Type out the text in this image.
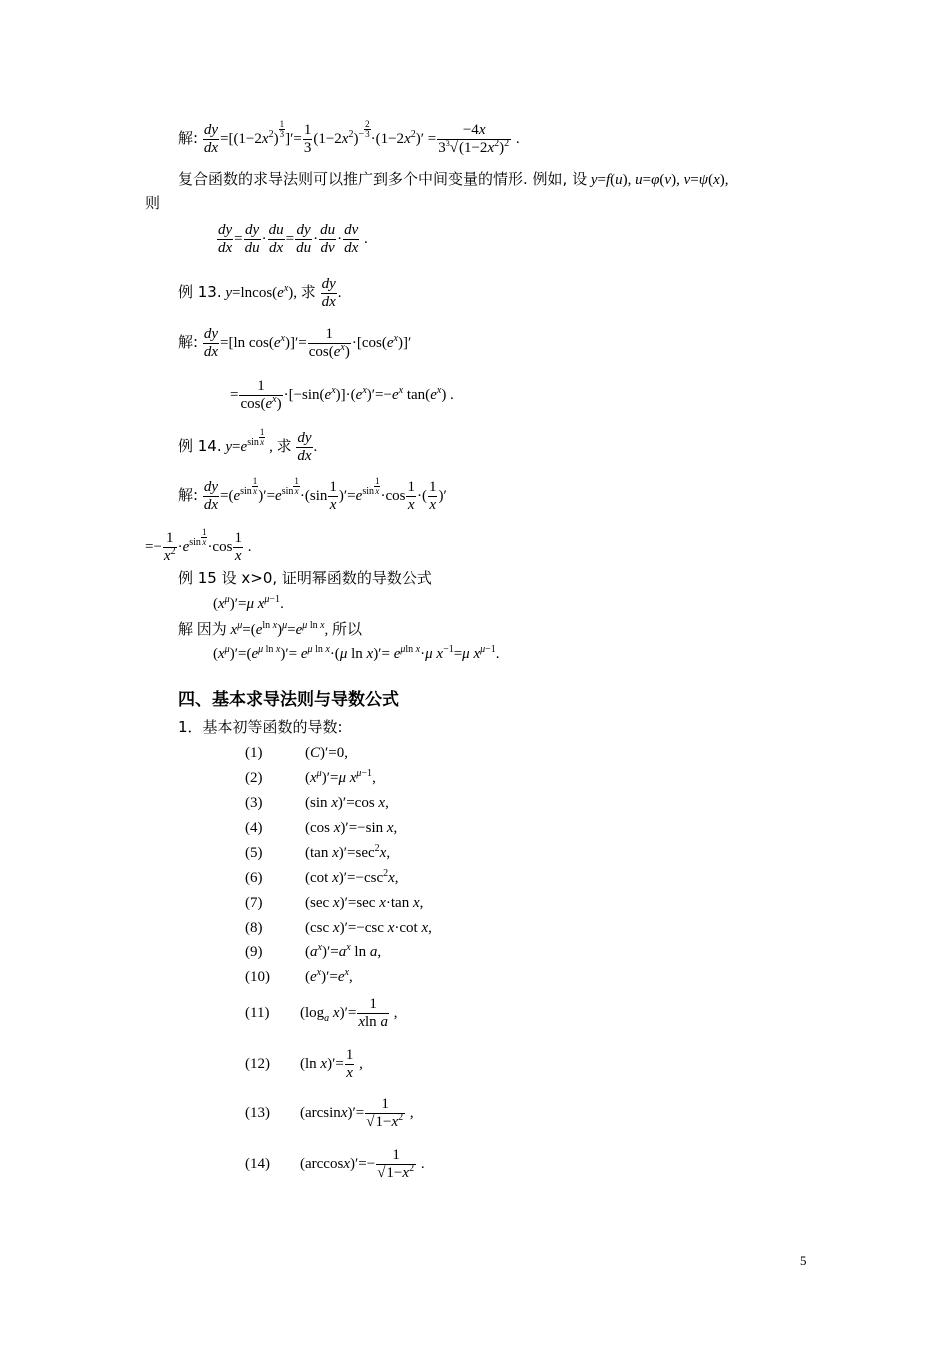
解: $\frac{dy}{dx} =[(1-2x^2)$ $^{\frac{1}{3}}$ ]′= $\frac{1}{3} (1-2x^2)^{- \frac{2}{3}} \cdot(1-2x^2)' = \frac{-4x}{3^3√(1-2x^2)^2}$ .
复合函数的求导法则可以推广到多个中间变量的情形. 例如, 设 y=f(u), u=φ(v), v=ψ(x),
则
$\frac{dy}{dx} = \frac{dy}{du} \cdot \frac{du}{dx} = \frac{dy}{du} \cdot \frac{du}{dv} \cdot \frac{dv}{dx}$ .
例 13. $y=lncos(e^x)$, 求 $\frac{dy}{dx}$ .
解: $\frac{dy}{dx} =[\ln$ $\cos(e^x)]'= \frac{1}{\cos(e^x)} \cdot[\cos(e^x)]'$
= $\frac{1}{\cos(e^x)} \cdot[-\sin(e^x)]\cdot(e^x)'=-e^x$ $\tan(e^x)$ .
例 14. $y=e^{sin \frac{1}{x}}$ , 求 $\frac{dy}{dx}$ .
解: $\frac{dy}{dx} =(e^{sin \frac{1}{x}}$ )$'=e^{sin \frac{1}{x}} \cdot(\sin \frac{1}{x} )'=e^{sin \frac{1}{x}} \cdot\cos \frac{1}{x}$ ·( $\frac{1}{x}$ )′
=− $\frac{1}{x^2} \cdot e^{sin \frac{1}{x}} \cdot\cos \frac{1}{x}$ .
例 15 设 x>0, 证明幂函数的导数公式
$(x^\mu)'=\mu$ $x^{\mu-1}$.
解 因为 $x^\mu=(e^{ln x})^\mu=e^{\mu ln x}$, 所以
$(x^\mu)'=(e^{\mu ln x})'= e^{\mu ln x}\cdot(\mu$ $\ln x)'= e^{\mu ln x}\cdot\mu$ $x^{-1}=\mu$ $x^{\mu-1}$.
四、基本求导法则与导数公式
1．基本初等函数的导数:
(1)	(C)′=0,
(2)	$(x^\mu)'=\mu$ $x^{\mu-1}$,
(3)	(sin x)′=cos x,
(4)	(cos x)′=−sin x,
(5)	(tan $x)'=\sec^2x$,
(6)	(cot $x)'=-\csc^2x$,
(7)	(sec x)′=sec x·tan x,
(8)	(csc x)′=−csc x·cot x,
(9)	$(a^x)'=a^x$ ln a,
(10) $(e^x)'=e^x$,
(11) ($\log_a$ $x)'= \frac{1}{\text{xln a}}$ ,
(12) (ln $x)'= \frac{1}{x}$ ,
(13) $(\arcsin x)'= \frac{1}{√1-x^2}$ ,
(14) $(\arccos x)'=- \frac{1}{√1-x^2}$ .
5
